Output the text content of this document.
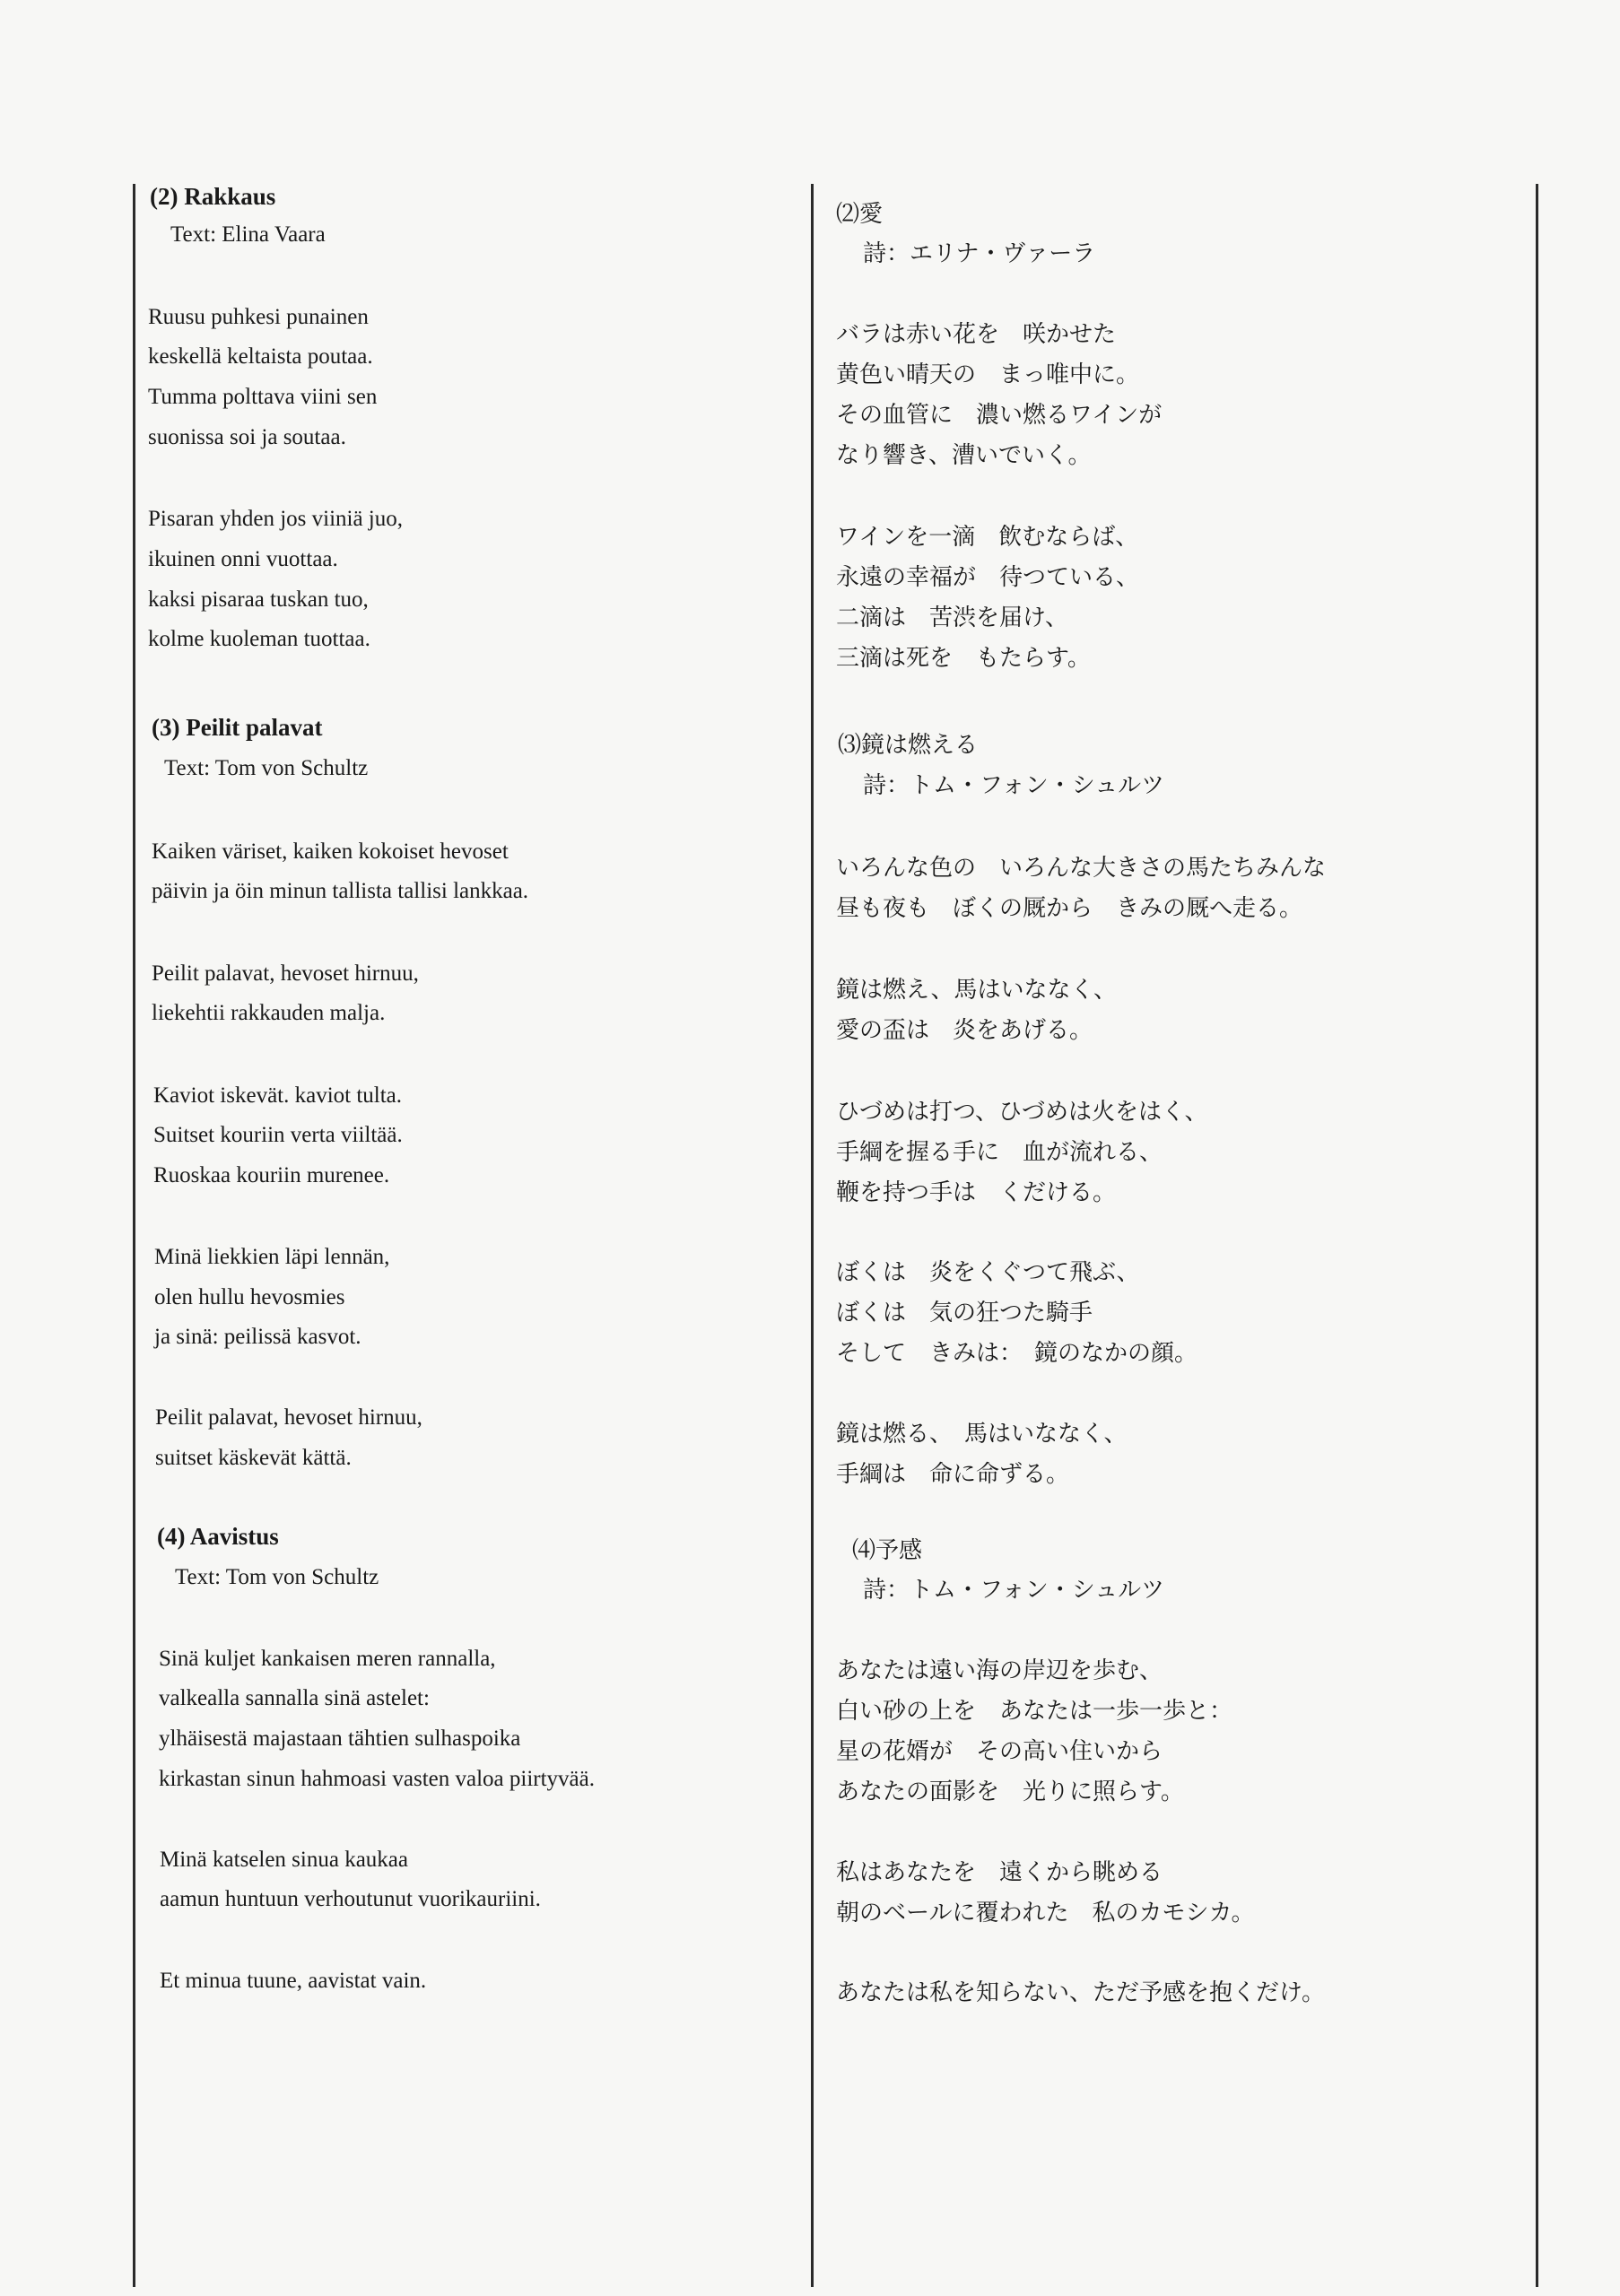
(2) Rakkaus
Text: Elina Vaara
Ruusu puhkesi punainen
keskellä keltaista poutaa.
Tumma polttava viini sen
suonissa soi ja soutaa.
Pisaran yhden jos viiniä juo,
ikuinen onni vuottaa.
kaksi pisaraa tuskan tuo,
kolme kuoleman tuottaa.
(3) Peilit palavat
Text: Tom von Schultz
Kaiken väriset, kaiken kokoiset hevoset
päivin ja öin minun tallista tallisi lankkaa.
Peilit palavat, hevoset hirnuu,
liekehtii rakkauden malja.
Kaviot iskevät. kaviot tulta.
Suitset kouriin verta viiltää.
Ruoskaa kouriin murenee.
Minä liekkien läpi lennän,
olen hullu hevosmies
ja sinä: peilissä kasvot.
Peilit palavat, hevoset hirnuu,
suitset käskevät kättä.
(4) Aavistus
Text: Tom von Schultz
Sinä kuljet kankaisen meren rannalla,
valkealla sannalla sinä astelet:
ylhäisestä majastaan tähtien sulhaspoika
kirkastan sinun hahmoasi vasten valoa piirtyvää.
Minä katselen sinua kaukaa
aamun huntuun verhoutunut vuorikauriini.
Et minua tuune, aavistat vain.
⑵愛
詩：エリナ・ヴァーラ
バラは赤い花を　咲かせた
黄色い晴天の　まっ唯中に。
その血管に　濃い燃るワインが
なり響き、漕いでいく。
ワインを一滴　飲むならば、
永遠の幸福が　待つている、
二滴は　苦渋を届け、
三滴は死を　もたらす。
⑶鏡は燃える
詩：トム・フォン・シュルツ
いろんな色の　いろんな大きさの馬たちみんな
昼も夜も　ぼくの厩から　きみの厩へ走る。
鏡は燃え、馬はいななく、
愛の盃は　炎をあげる。
ひづめは打つ、ひづめは火をはく、
手綱を握る手に　血が流れる、
鞭を持つ手は　くだける。
ぼくは　炎をくぐつて飛ぶ、
ぼくは　気の狂つた騎手
そして　きみは：　鏡のなかの顔。
鏡は燃る、　馬はいななく、
手綱は　命に命ずる。
⑷予感
詩：トム・フォン・シュルツ
あなたは遠い海の岸辺を歩む、
白い砂の上を　あなたは一歩一歩と：
星の花婿が　その高い住いから
あなたの面影を　光りに照らす。
私はあなたを　遠くから眺める
朝のベールに覆われた　私のカモシカ。
あなたは私を知らない、ただ予感を抱くだけ。
